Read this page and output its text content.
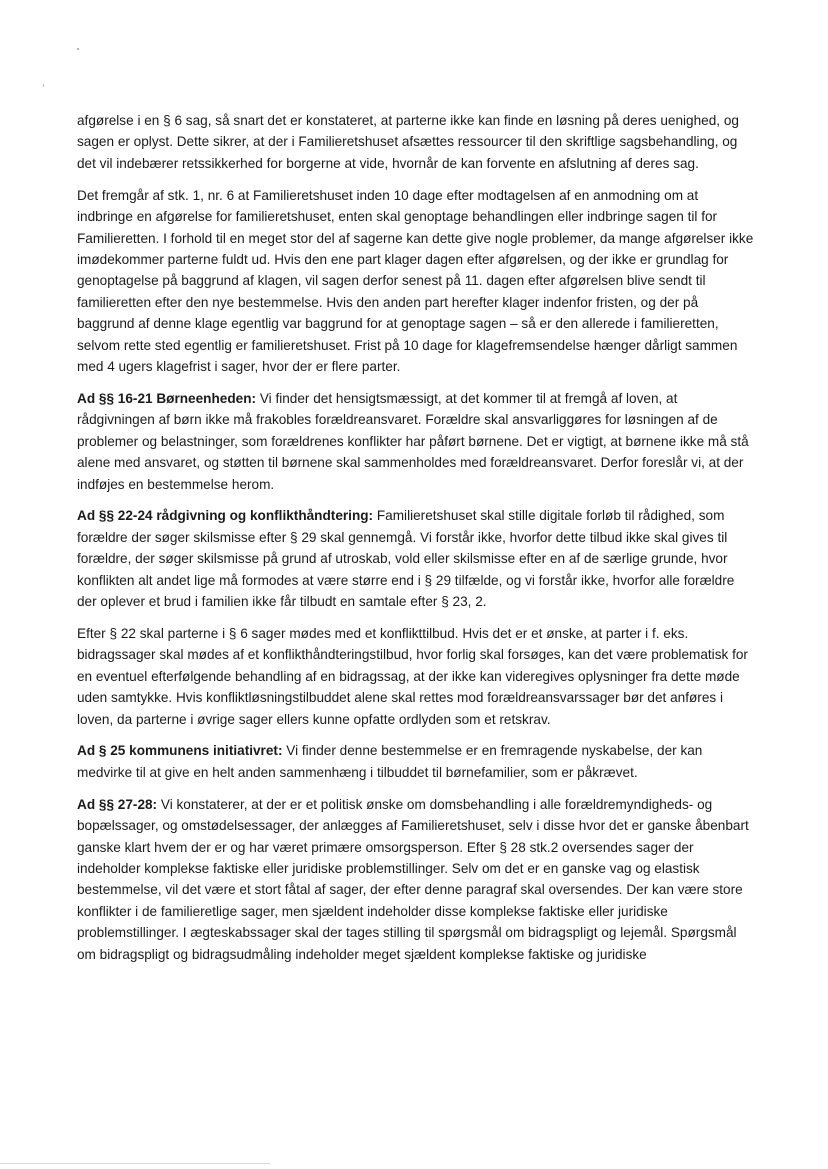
afgørelse i en § 6 sag, så snart det er konstateret, at parterne ikke kan finde en løsning på deres uenighed, og sagen er oplyst. Dette sikrer, at der i Familieretshuset afsættes ressourcer til den skriftlige sagsbehandling, og det vil indebærer retssikkerhed for borgerne at vide, hvornår de kan forvente en afslutning af deres sag.

Det fremgår af stk. 1, nr. 6 at Familieretshuset inden 10 dage efter modtagelsen af en anmodning om at indbringe en afgørelse for familieretshuset, enten skal genoptage behandlingen eller indbringe sagen til for Familieretten. I forhold til en meget stor del af sagerne kan dette give nogle problemer, da mange afgørelser ikke imødekommer parterne fuldt ud. Hvis den ene part klager dagen efter afgørelsen, og der ikke er grundlag for genoptagelse på baggrund af klagen, vil sagen derfor senest på 11. dagen efter afgørelsen blive sendt til familieretten efter den nye bestemmelse. Hvis den anden part herefter klager indenfor fristen, og der på baggrund af denne klage egentlig var baggrund for at genoptage sagen – så er den allerede i familieretten, selvom rette sted egentlig er familieretshuset. Frist på 10 dage for klagefremsendelse hænger dårligt sammen med 4 ugers klagefrist i sager, hvor der er flere parter.

Ad §§ 16-21 Børneenheden: Vi finder det hensigtsmæssigt, at det kommer til at fremgå af loven, at rådgivningen af børn ikke må frakobles forældreansvaret. Forældre skal ansvarliggøres for løsningen af de problemer og belastninger, som forældrenes konflikter har påført børnene. Det er vigtigt, at børnene ikke må stå alene med ansvaret, og støtten til børnene skal sammenholdes med forældreansvaret. Derfor foreslår vi, at der indføjes en bestemmelse herom.

Ad §§ 22-24 rådgivning og konflikthåndtering: Familieretshuset skal stille digitale forløb til rådighed, som forældre der søger skilsmisse efter § 29 skal gennemgå. Vi forstår ikke, hvorfor dette tilbud ikke skal gives til forældre, der søger skilsmisse på grund af utroskab, vold eller skilsmisse efter en af de særlige grunde, hvor konflikten alt andet lige må formodes at være større end i § 29 tilfælde, og vi forstår ikke, hvorfor alle forældre der oplever et brud i familien ikke får tilbudt en samtale efter § 23, 2.

Efter § 22 skal parterne i § 6 sager mødes med et konflikttilbud. Hvis det er et ønske, at parter i f. eks. bidragssager skal mødes af et konflikthåndteringstilbud, hvor forlig skal forsøges, kan det være problematisk for en eventuel efterfølgende behandling af en bidragssag, at der ikke kan videregives oplysninger fra dette møde uden samtykke. Hvis konfliktløsningstilbuddet alene skal rettes mod forældreansvarssager bør det anføres i loven, da parterne i øvrige sager ellers kunne opfatte ordlyden som et retskrav.

Ad § 25 kommunens initiativret: Vi finder denne bestemmelse er en fremragende nyskabelse, der kan medvirke til at give en helt anden sammenhæng i tilbuddet til børnefamilier, som er påkrævet.

Ad §§ 27-28: Vi konstaterer, at der er et politisk ønske om domsbehandling i alle forældremyndigheds- og bopælssager, og omstødelsessager, der anlægges af Familieretshuset, selv i disse hvor det er ganske åbenbart ganske klart hvem der er og har været primære omsorgsperson. Efter § 28 stk.2 oversendes sager der indeholder komplekse faktiske eller juridiske problemstillinger. Selv om det er en ganske vag og elastisk bestemmelse, vil det være et stort fåtal af sager, der efter denne paragraf skal oversendes. Der kan være store konflikter i de familieretlige sager, men sjældent indeholder disse komplekse faktiske eller juridiske problemstillinger. I ægteskabssager skal der tages stilling til spørgsmål om bidragspligt og lejemål. Spørgsmål om bidragspligt og bidragsudmåling indeholder meget sjældent komplekse faktiske og juridiske
